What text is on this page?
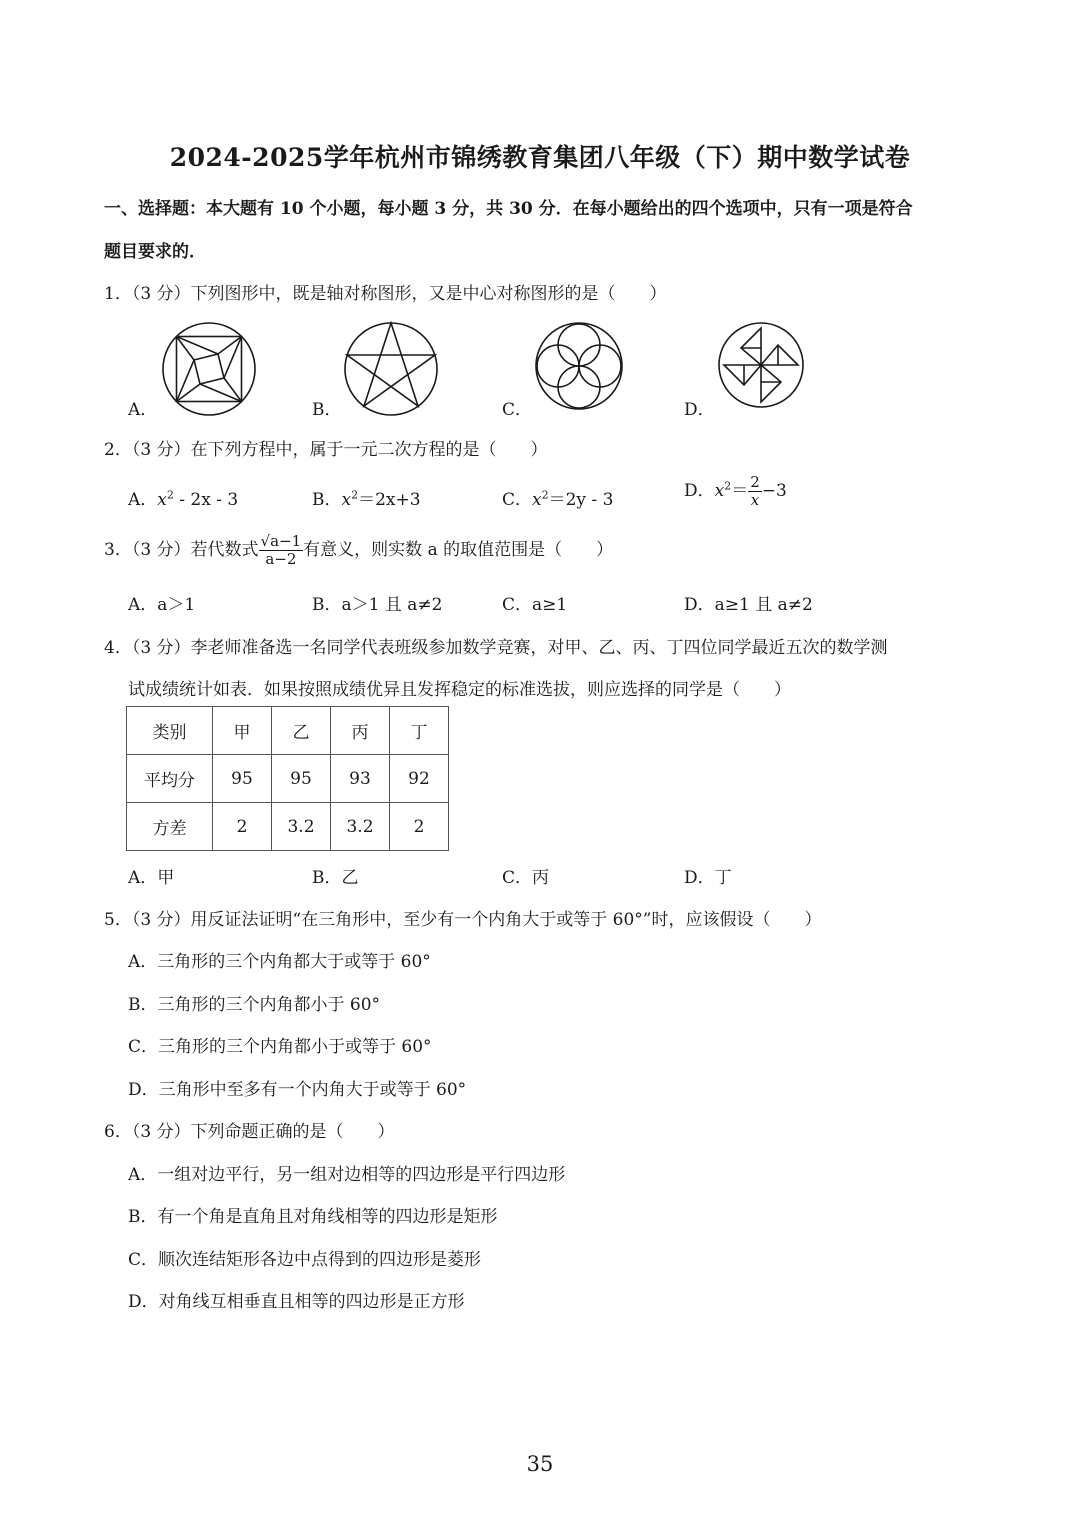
2024-2025学年杭州市锦绣教育集团八年级（下）期中数学试卷
一、选择题：本大题有 10 个小题，每小题 3 分，共 30 分．在每小题给出的四个选项中，只有一项是符合
题目要求的．
1．（3 分）下列图形中，既是轴对称图形，又是中心对称图形的是（　　）
A．	B．	C．	D．
2．（3 分）在下列方程中，属于一元二次方程的是（　　）
A．$x^2 - 2x - 3$	B．$x^2=2x+3$	C．$x^2=2y - 3$	D．$x^2= \frac{2}{x} -3$
3．（3 分）若代数式 $\frac{√a-1}{a-2}$ 有意义，则实数 a 的取值范围是（　　）
A．a＞1	B．a＞1 且 a≠2	C．a≥1	D．a≥1 且 a≠2
4．（3 分）李老师准备选一名同学代表班级参加数学竞赛，对甲、乙、丙、丁四位同学最近五次的数学测
试成绩统计如表．如果按照成绩优异且发挥稳定的标准选拔，则应选择的同学是（　　）
类别	甲	乙	丙	丁
平均分	95	95	93	92
方差	2	3.2	3.2	2
A．甲	B．乙	C．丙	D．丁
5．（3 分）用反证法证明“在三角形中，至少有一个内角大于或等于 60°”时，应该假设（　　）
A．三角形的三个内角都大于或等于 60°
B．三角形的三个内角都小于 60°
C．三角形的三个内角都小于或等于 60°
D．三角形中至多有一个内角大于或等于 60°
6．（3 分）下列命题正确的是（　　）
A．一组对边平行，另一组对边相等的四边形是平行四边形
B．有一个角是直角且对角线相等的四边形是矩形
C．顺次连结矩形各边中点得到的四边形是菱形
D．对角线互相垂直且相等的四边形是正方形
35
